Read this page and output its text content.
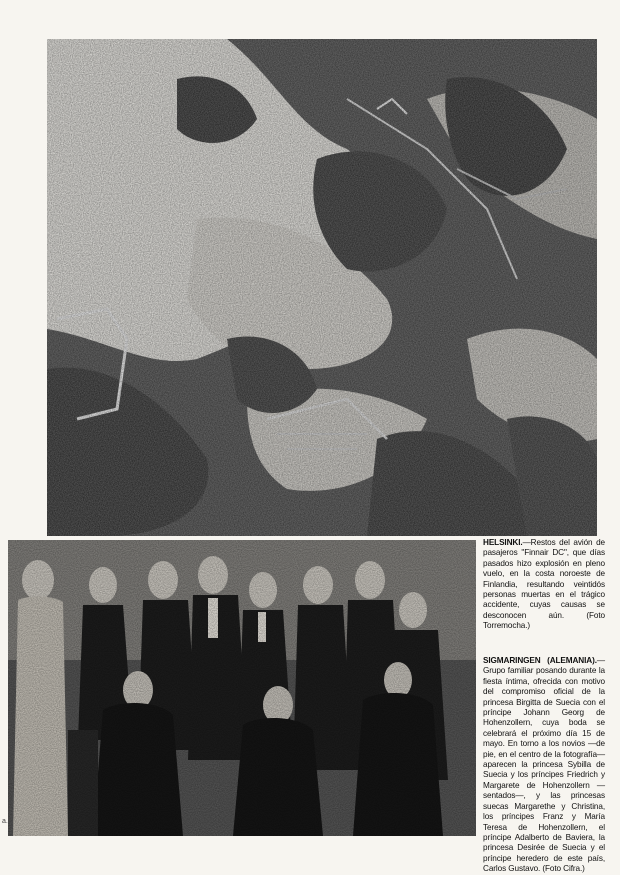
HELSINKI.—Restos del avión de pasajeros "Finnair DC", que días pasados hizo explosión en pleno vuelo, en la costa noroeste de Finlandia, resultando veintidós personas muertas en el trágico accidente, cuyas causas se desconocen aún. (Foto Torremocha.)
SIGMARINGEN (ALEMANIA).—Grupo familiar posando durante la fiesta íntima, ofrecida con motivo del compromiso oficial de la princesa Birgitta de Suecia con el príncipe Johann Georg de Hohenzollern, cuya boda se celebrará el próximo día 15 de mayo. En torno a los novios —de pie, en el centro de la fotografía— aparecen la princesa Sybilla de Suecia y los príncipes Friedrich y Margarete de Hohenzollern —sentados—, y las princesas suecas Margarethe y Christina, los príncipes Franz y María Teresa de Hohenzollern, el príncipe Adalberto de Baviera, la princesa Desirée de Suecia y el príncipe heredero de este país, Carlos Gustavo. (Foto Cifra.)
a.
